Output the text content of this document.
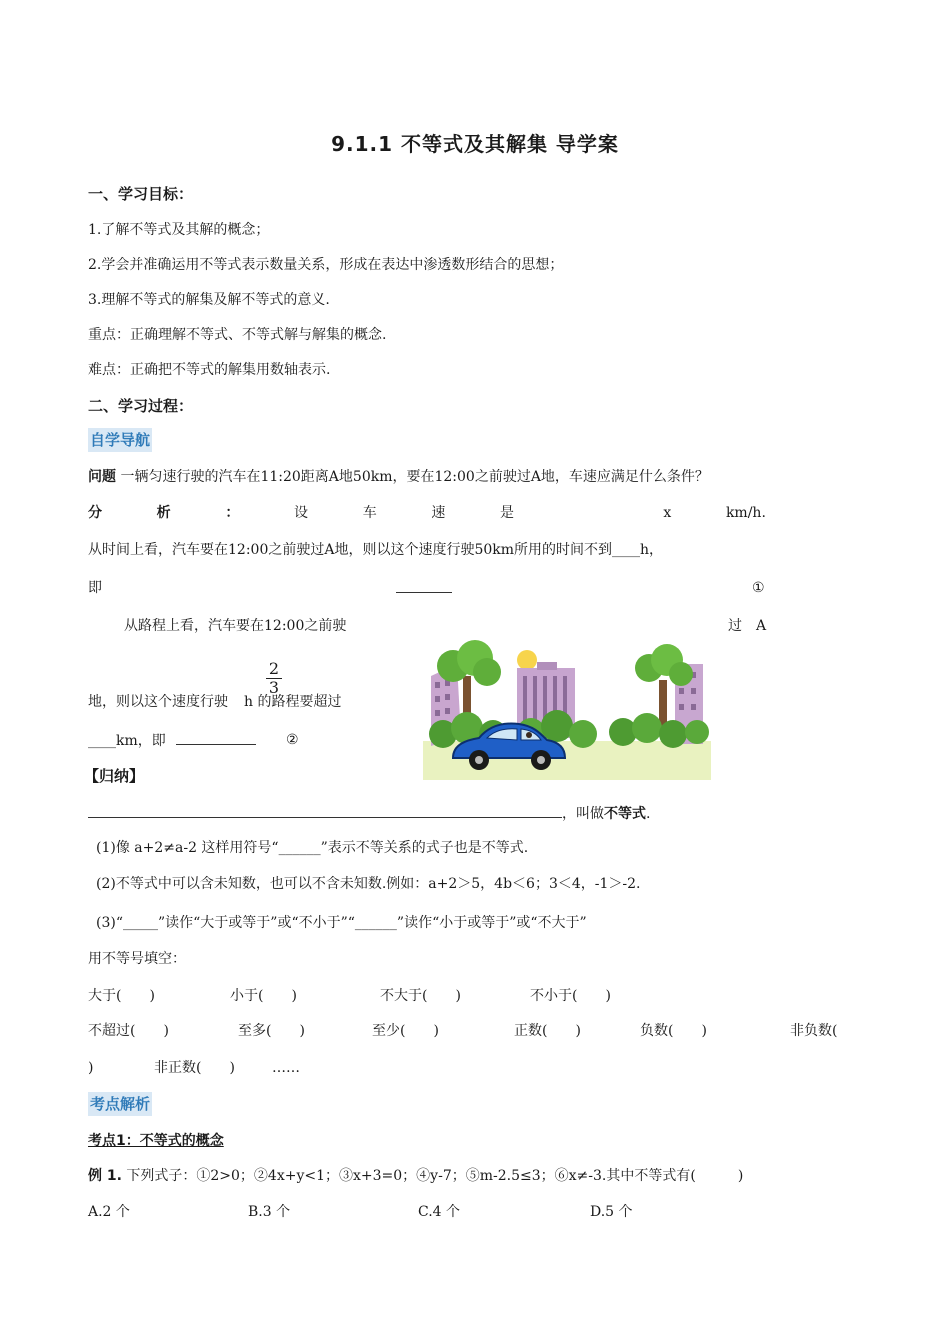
9.1.1 不等式及其解集 导学案
一、学习目标：
1.了解不等式及其解的概念；
2.学会并准确运用不等式表示数量关系，形成在表达中渗透数形结合的思想；
3.理解不等式的解集及解不等式的意义.
重点：正确理解不等式、不等式解与解集的概念.
难点：正确把不等式的解集用数轴表示.
二、学习过程：
自学导航
问题 一辆匀速行驶的汽车在11:20距离A地50km，要在12:00之前驶过A地，车速应满足什么条件？
分	析	：	设	车	速	是	x	km/h.
从时间上看，汽车要在12:00之前驶过A地，则以这个速度行驶50km所用的时间不到____h，
即	①
从路程上看，汽车要在12:00之前驶	过　A
地，则以这个速度行驶 h 的路程要超过
$\frac{2}{3}$
____km，即	②
【归纳】
，叫做不等式.
(1)像 a+2≠a-2 这样用符号“______”表示不等关系的式子也是不等式.
(2)不等式中可以含未知数，也可以不含未知数.例如：a+2＞5，4b＜6；3＜4，-1＞-2.
(3)“_____”读作“大于或等于”或“不小于”“______”读作“小于或等于”或“不大于”
用不等号填空：
大于(　　)	小于(　　)	不大于(　　)	不小于(　　)
不超过(　　)	至多(　　)	至少(　　)	正数(　　)	负数(　　)	非负数(
)	非正数(　　)	……
考点解析
考点1：不等式的概念
例 1. 下列式子：①2>0；②4x+y<1；③x+3=0；④y-7；⑤m-2.5≤3；⑥x≠-3.其中不等式有(　　　)
A.2 个	B.3 个	C.4 个	D.5 个
